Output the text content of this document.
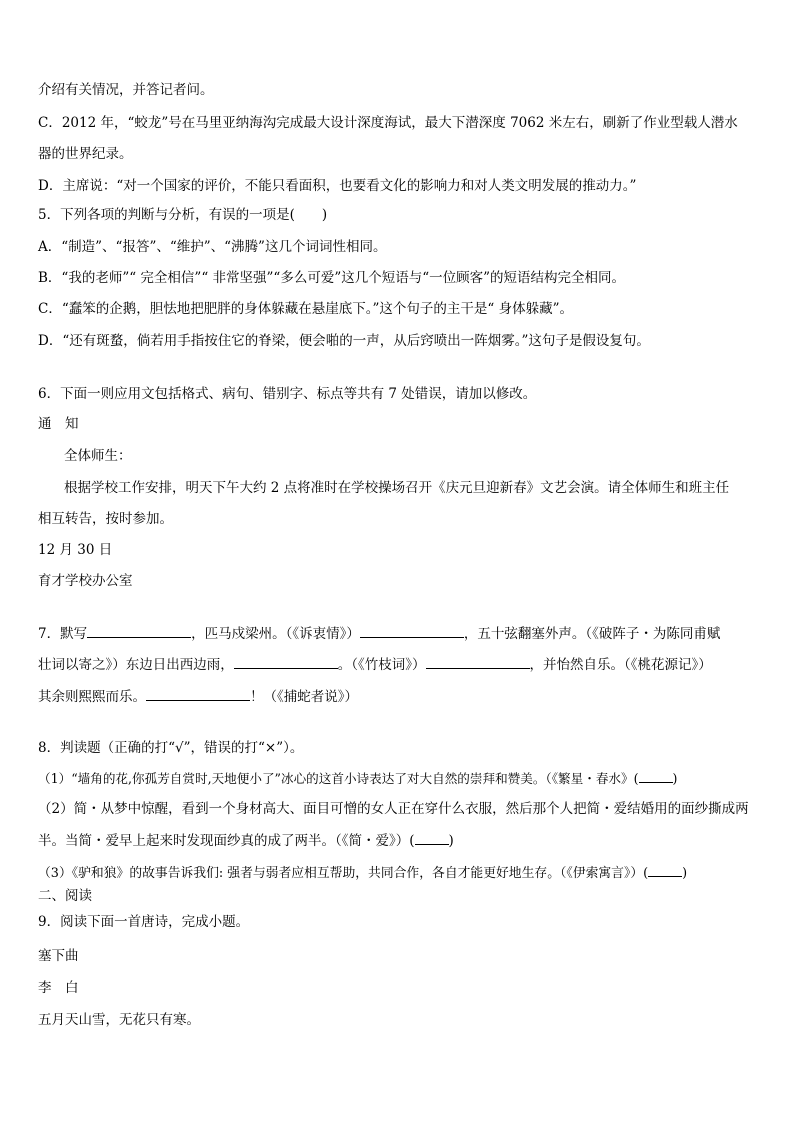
介绍有关情况，并答记者问。
C．2012 年，“蛟龙”号在马里亚纳海沟完成最大设计深度海试，最大下潜深度 7062 米左右，刷新了作业型载人潜水
器的世界纪录。
D．主席说：“对一个国家的评价，不能只看面积，也要看文化的影响力和对人类文明发展的推动力。”
5．下列各项的判断与分析，有误的一项是(　　)
A．“制造”、“报答”、“维护”、“沸腾”这几个词词性相同。
B．“我的老师”“ 完全相信”“ 非常坚强”“多么可爱”这几个短语与“一位顾客”的短语结构完全相同。
C．“蠢笨的企鹅，胆怯地把肥胖的身体躲藏在悬崖底下。”这个句子的主干是“ 身体躲藏”。
D．“还有斑蝥，倘若用手指按住它的脊梁，便会啪的一声，从后窍喷出一阵烟雾。”这句子是假设复句。
6．下面一则应用文包括格式、病句、错别字、标点等共有 7 处错误，请加以修改。
通　知
全体师生：
根据学校工作安排，明天下午大约 2 点将准时在学校操场召开《庆元旦迎新春》文艺会演。请全体师生和班主任
相互转告，按时参加。
12 月 30 日
育才学校办公室
7．默写	，匹马戍梁州。（《诉衷情》）	，五十弦翻塞外声。（《破阵子・为陈同甫赋
壮词以寄之》）东边日出西边雨，	。（《竹枝词》）	，并怡然自乐。（《桃花源记》）
其余则熙熙而乐。	！（《捕蛇者说》）
8．判读题（正确的打“√”，错误的打“×”）。
（1）“墙角的花,你孤芳自赏时,天地便小了”冰心的这首小诗表达了对大自然的崇拜和赞美。（《繁星・春水》(	)
（2）简・从梦中惊醒，看到一个身材高大、面目可憎的女人正在穿什么衣服，然后那个人把简・爱结婚用的面纱撕成两
半。当简・爱早上起来时发现面纱真的成了两半。（《简・爱》）(	)
（3）《驴和狼》的故事告诉我们: 强者与弱者应相互帮助，共同合作，各自才能更好地生存。（《伊索寓言》）(	)
二、阅读
9．阅读下面一首唐诗，完成小题。
塞下曲
李　白
五月天山雪，无花只有寒。
